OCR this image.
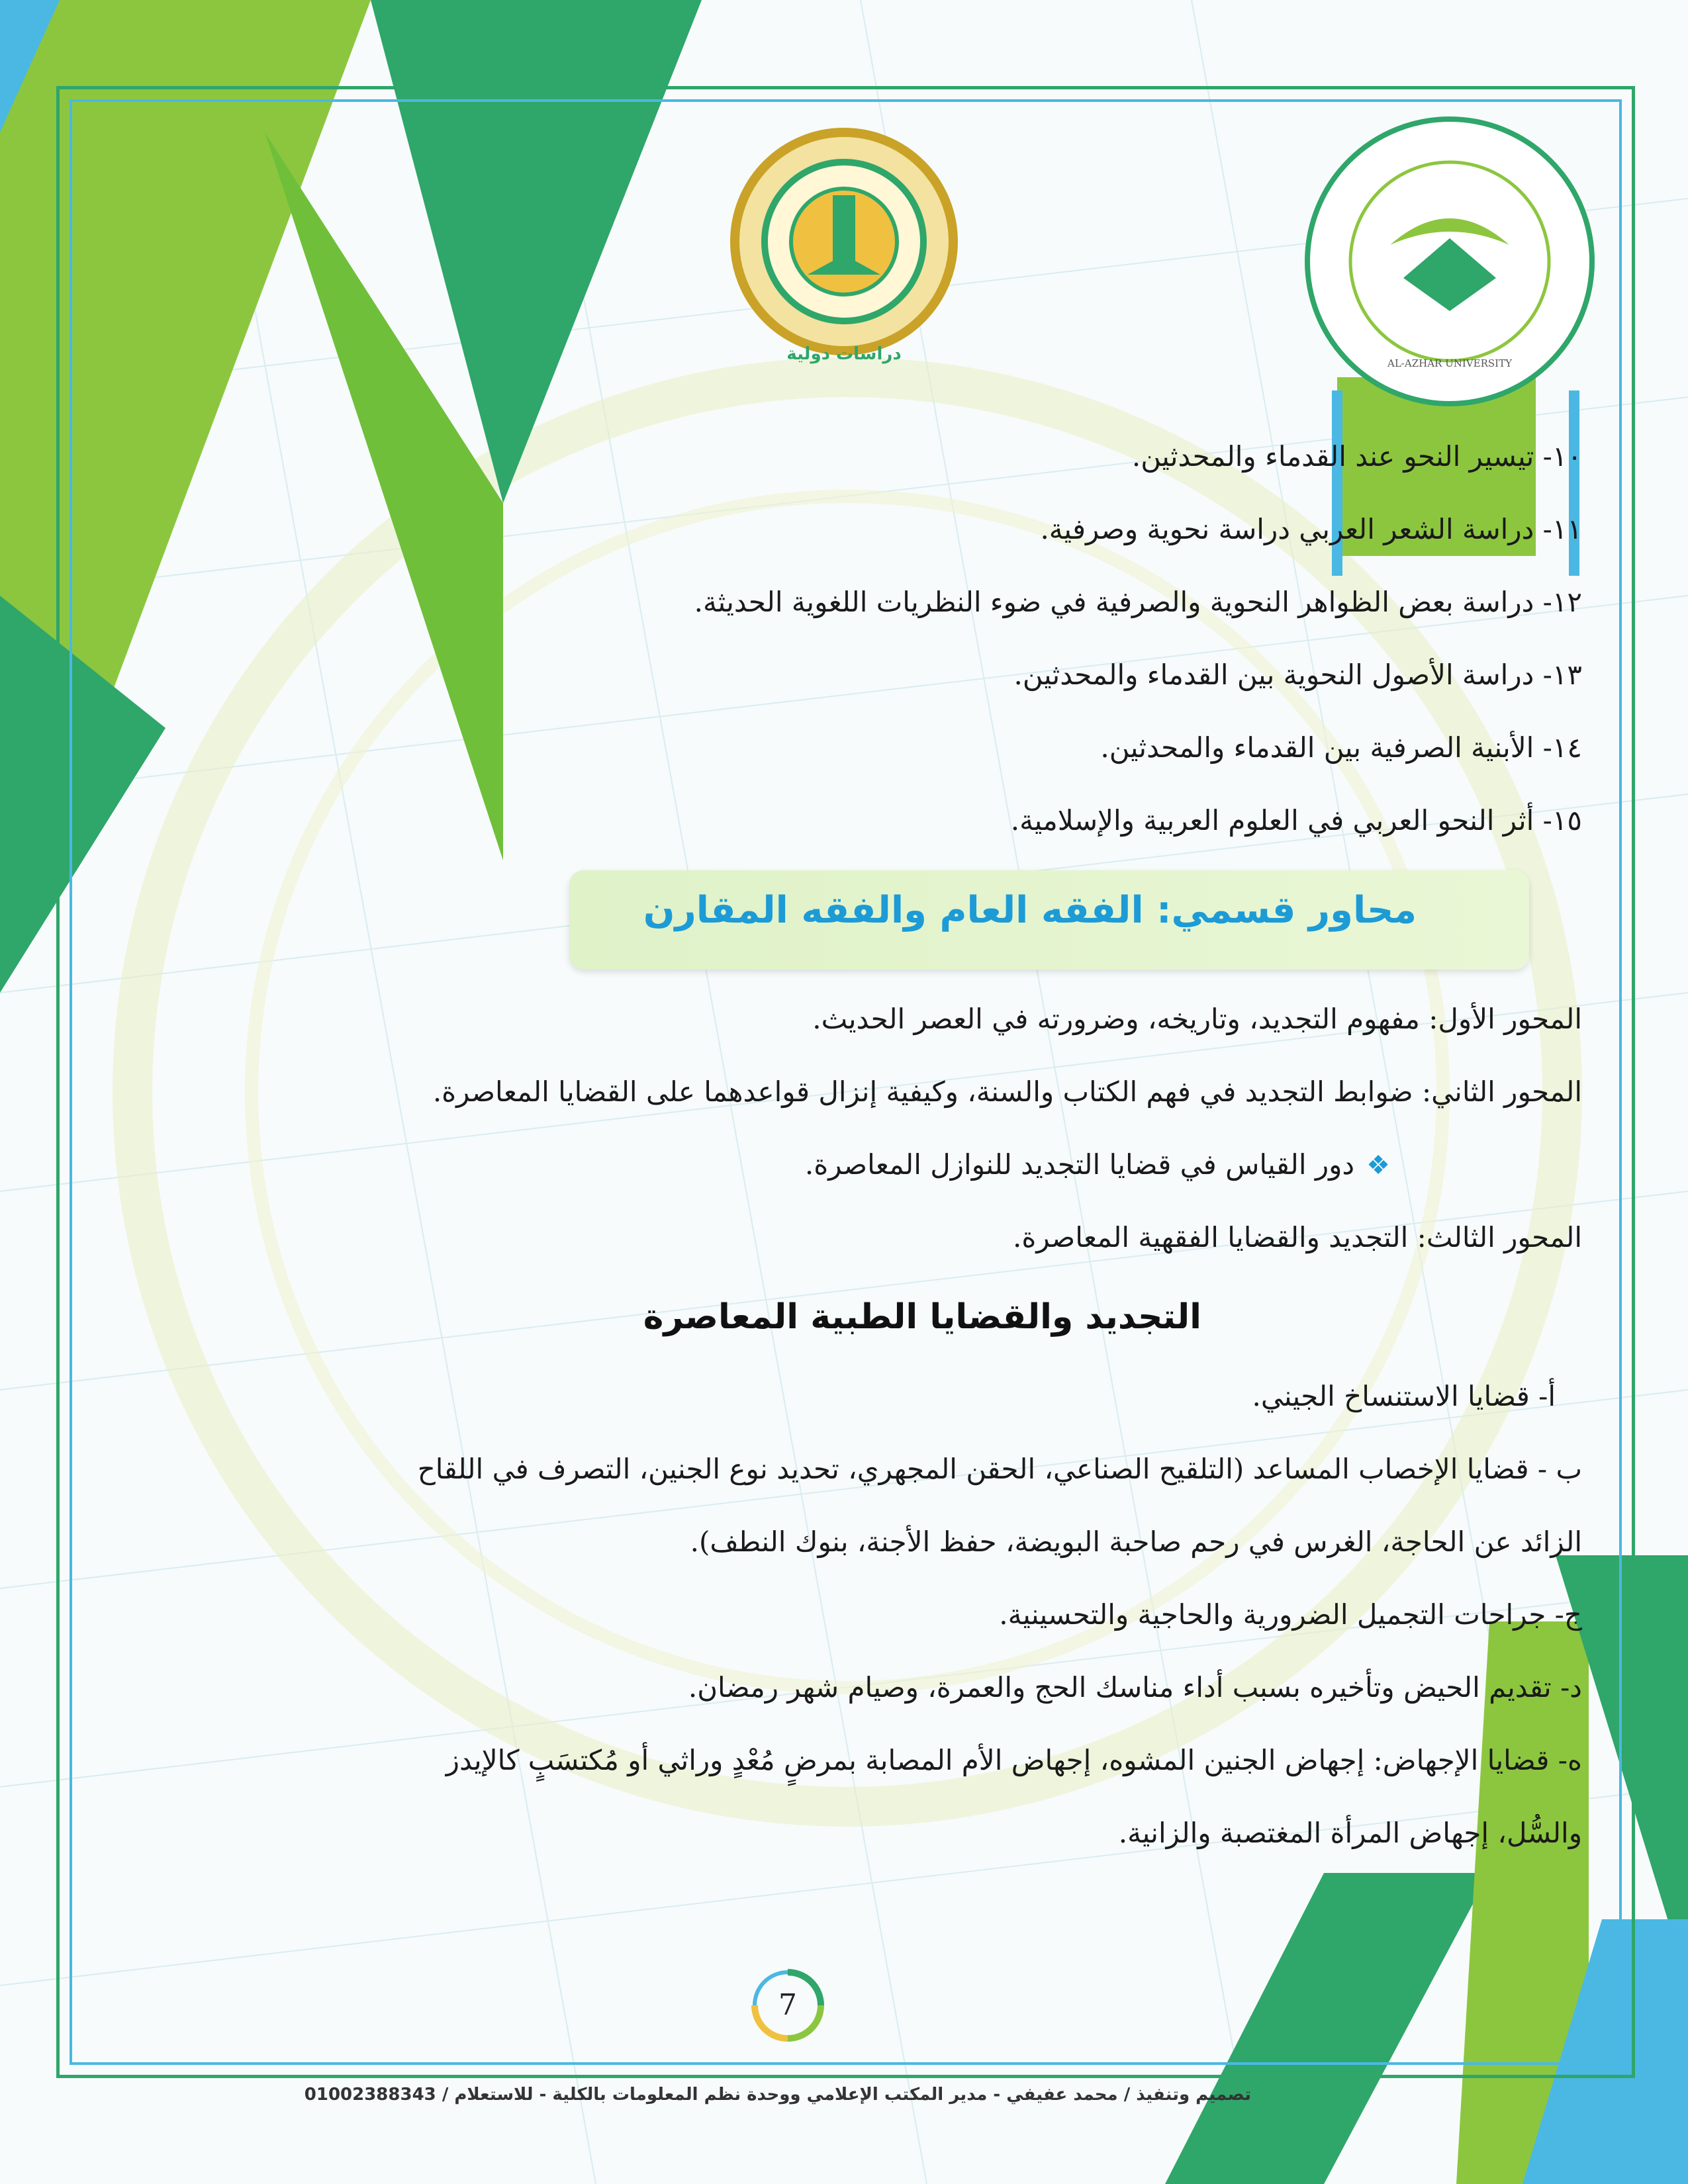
دراسات دولية	AL-AZHAR UNIVERSITY
١٠- تيسير النحو عند القدماء والمحدثين.
١١- دراسة الشعر العربي دراسة نحوية وصرفية.
١٢- دراسة بعض الظواهر النحوية والصرفية في ضوء النظريات اللغوية الحديثة.
١٣- دراسة الأصول النحوية بين القدماء والمحدثين.
١٤- الأبنية الصرفية بين القدماء والمحدثين.
١٥- أثر النحو العربي في العلوم العربية والإسلامية.
محاور قسمي: الفقه العام والفقه المقارن
المحور الأول: مفهوم التجديد، وتاريخه، وضرورته في العصر الحديث.
المحور الثاني: ضوابط التجديد في فهم الكتاب والسنة، وكيفية إنزال قواعدهما على القضايا المعاصرة.
❖دور القياس في قضايا التجديد للنوازل المعاصرة.
المحور الثالث: التجديد والقضايا الفقهية المعاصرة.
التجديد والقضايا الطبية المعاصرة
أ- قضايا الاستنساخ الجيني.
ب - قضايا الإخصاب المساعد (التلقيح الصناعي، الحقن المجهري، تحديد نوع الجنين، التصرف في اللقاح
الزائد عن الحاجة، الغرس في رحم صاحبة البويضة، حفظ الأجنة، بنوك النطف).
ج- جراحات التجميل الضرورية والحاجية والتحسينية.
د- تقديم الحيض وتأخيره بسبب أداء مناسك الحج والعمرة، وصيام شهر رمضان.
ه- قضايا الإجهاض: إجهاض الجنين المشوه، إجهاض الأم المصابة بمرضٍ مُعْدٍ وراثي أو مُكتسَبٍ كالإيدز
والسُّل، إجهاض المرأة المغتصبة والزانية.
7
تصميم وتنفيذ / محمد عفيفي - مدير المكتب الإعلامي ووحدة نظم المعلومات بالكلية - للاستعلام / 01002388343
